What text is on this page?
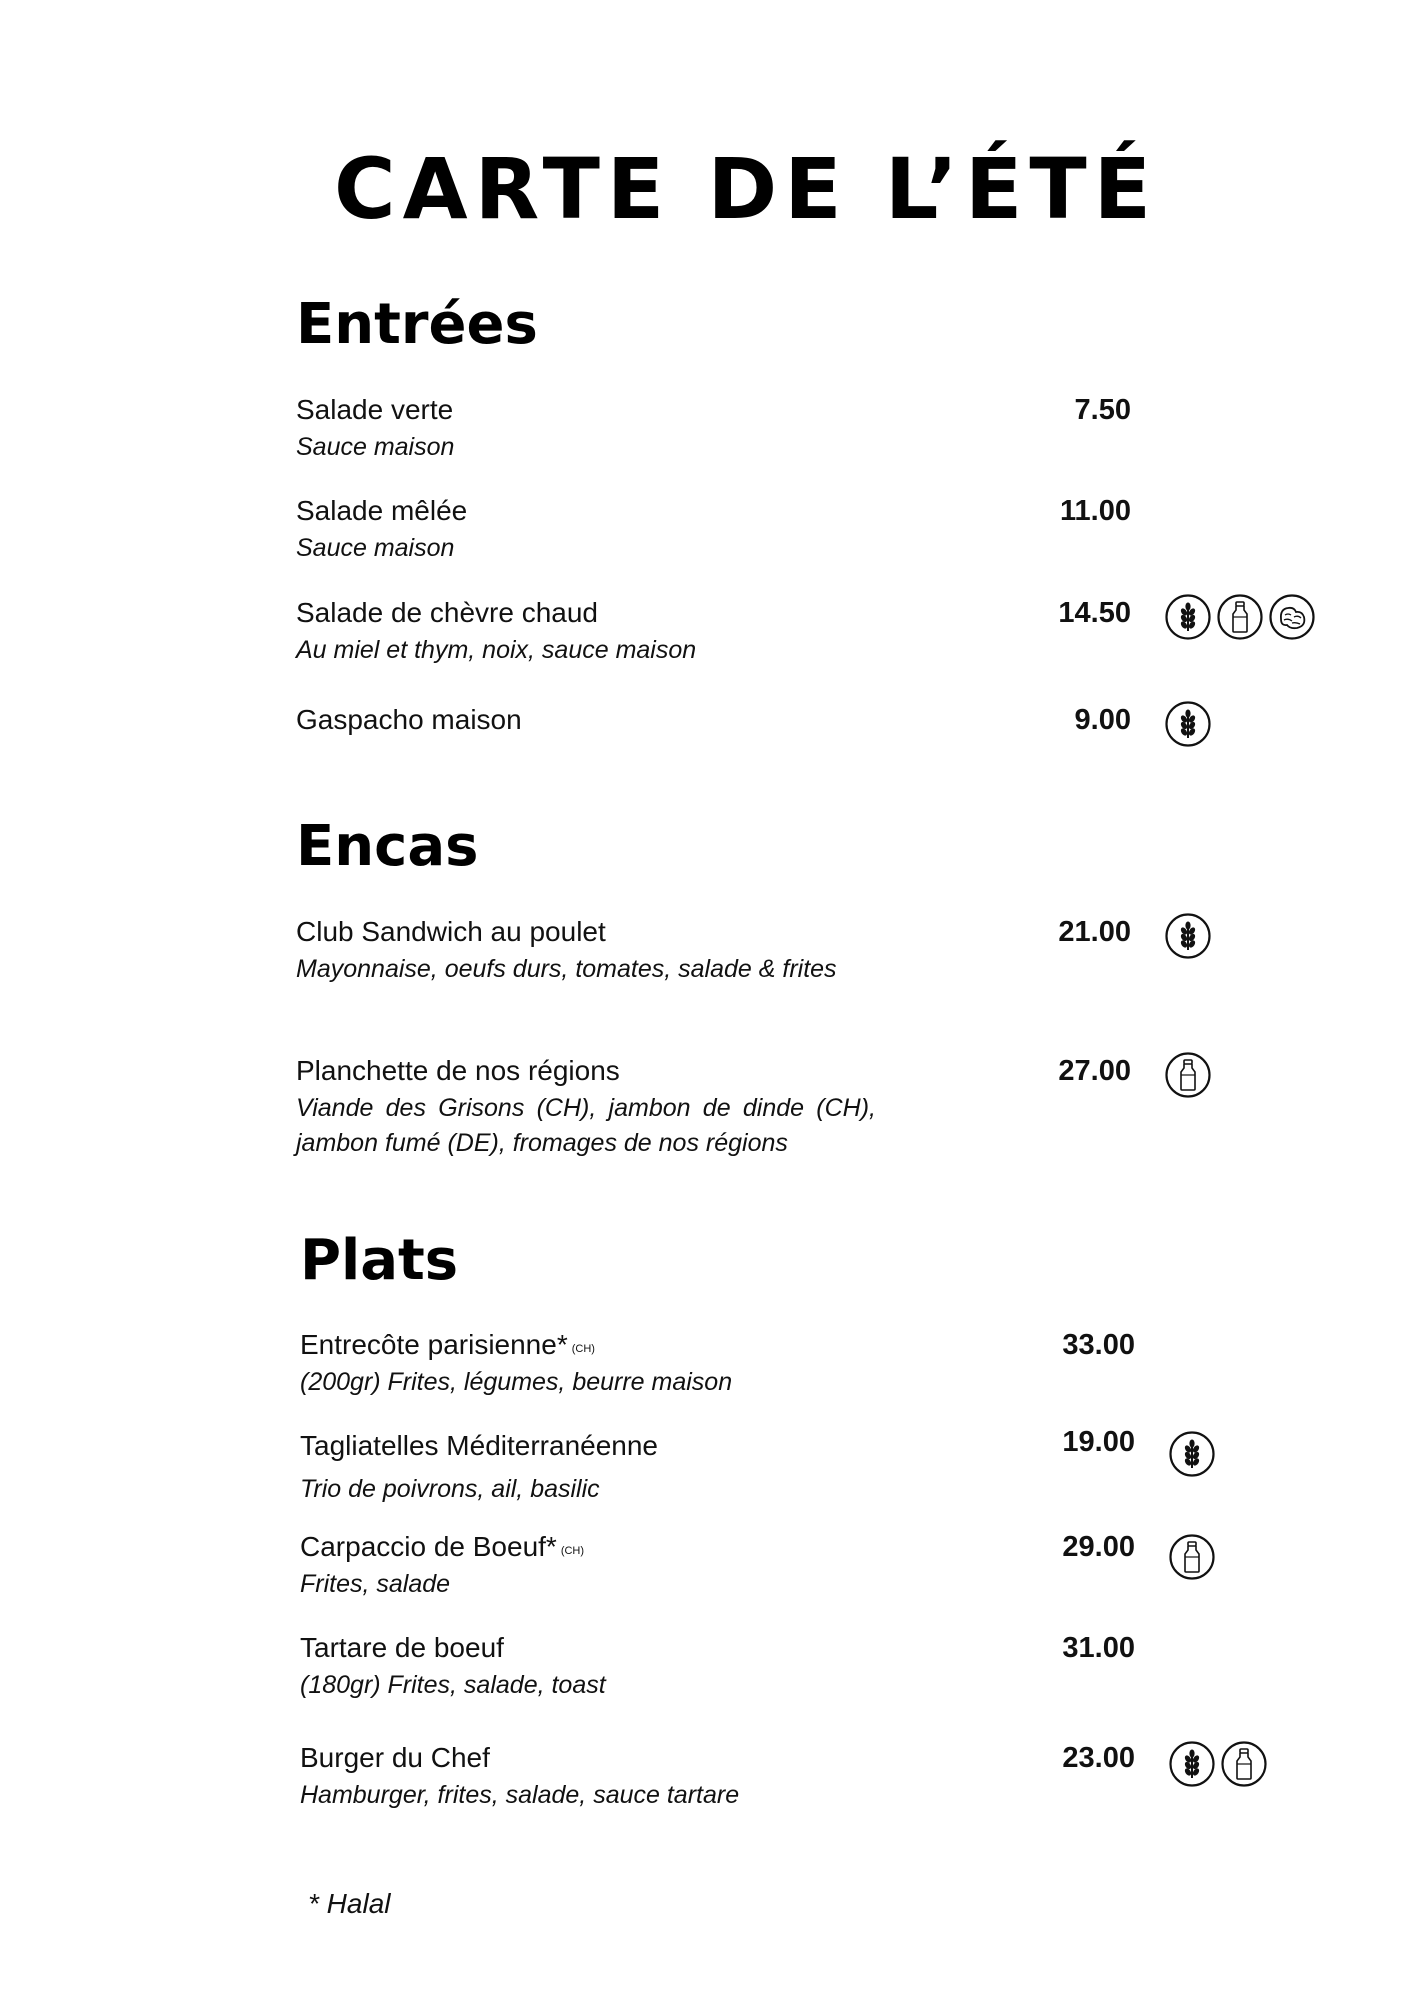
CARTE DE L’ÉTÉ
Entrées
Salade verte
Sauce maison
7.50
Salade mêlée
Sauce maison
11.00
Salade de chèvre chaud
Au miel et thym, noix, sauce maison
14.50
Gaspacho maison	9.00
Encas
Club Sandwich au poulet
Mayonnaise, oeufs durs, tomates, salade & frites
21.00
Planchette de nos régions
Viande des Grisons (CH), jambon de dinde (CH), jambon fumé (DE), fromages de nos régions
27.00
Plats
Entrecôte parisienne* (CH)
(200gr) Frites, légumes, beurre maison
33.00
Tagliatelles Méditerranéenne
Trio de poivrons, ail, basilic
19.00
Carpaccio de Boeuf* (CH)
Frites, salade
29.00
Tartare de boeuf
(180gr) Frites, salade, toast
31.00
Burger du Chef
Hamburger, frites, salade, sauce tartare
23.00
* Halal
